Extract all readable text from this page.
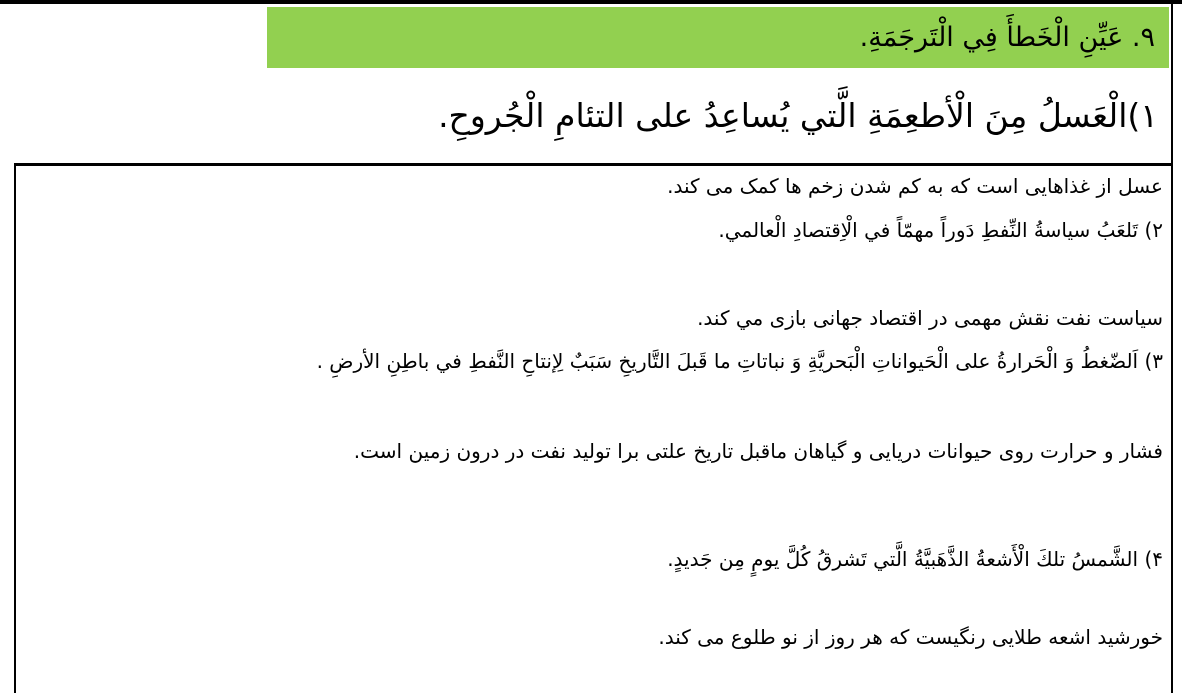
۹. عَيِّنِ الْخَطأَ فِي الْتَرجَمَةِ.
۱)الْعَسلُ مِنَ الْأطعِمَةِ الَّتي يُساعِدُ على التئامِ الْجُروحِ.
عسل از غذاهایی است که به کم شدن زخم ها کمک می کند.
۲) تَلعَبُ سياسةُ النِّفطِ دَوراً مهمّاً في الْاِقتصادِ الْعالمي.
سیاست نفت نقش مهمی در اقتصاد جهانی بازی مي کند.
۳) اَلضّغطُ وَ الْحَرارةُ على الْحَيواناتِ الْبَحريَّةِ وَ نباتاتِ ما قَبلَ التَّاريخِ سَبَبٌ لِإنتاحِ النَّفطِ في باطِنِ الأرضِ .
فشار و حرارت روی حیوانات دریایی و گیاهان ماقبل تاریخ علتی برا تولید نفت در درون زمین است.
۴) الشَّمسُ تلكَ الْأَشعةُ الذَّهَبيَّةُ الَّتي تَشرقُ كُلَّ يومٍ مِن جَديدٍ.
خورشید اشعه طلایی رنگیست که هر روز از نو طلوع می کند.
